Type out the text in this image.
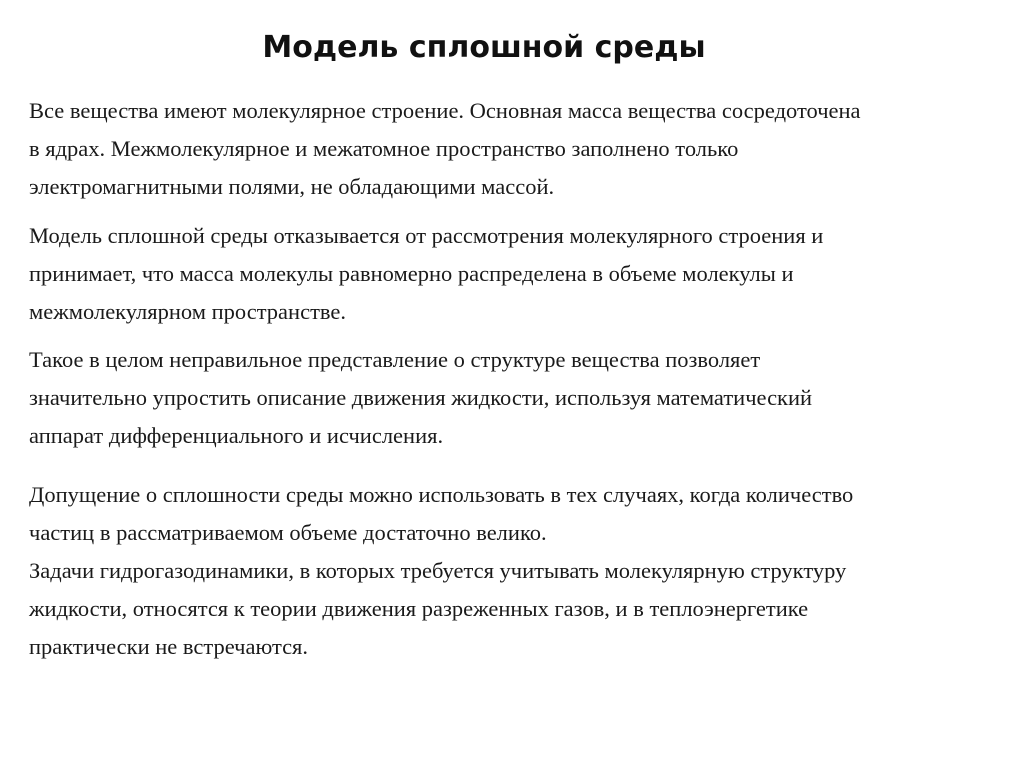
Модель сплошной среды

Все вещества имеют молекулярное строение. Основная масса вещества сосредоточена
в ядрах. Межмолекулярное и межатомное пространство заполнено только
электромагнитными полями, не обладающими массой.

Модель сплошной среды отказывается от рассмотрения молекулярного строения и
принимает, что масса молекулы равномерно распределена в объеме молекулы и
межмолекулярном пространстве.

Такое в целом неправильное представление о структуре вещества позволяет
значительно упростить описание движения жидкости, используя математический
аппарат дифференциального и исчисления.

Допущение о сплошности среды можно использовать в тех случаях, когда количество
частиц в рассматриваемом объеме достаточно велико.
Задачи гидрогазодинамики, в которых требуется учитывать молекулярную структуру
жидкости, относятся к теории движения разреженных газов, и в теплоэнергетике
практически не встречаются.
